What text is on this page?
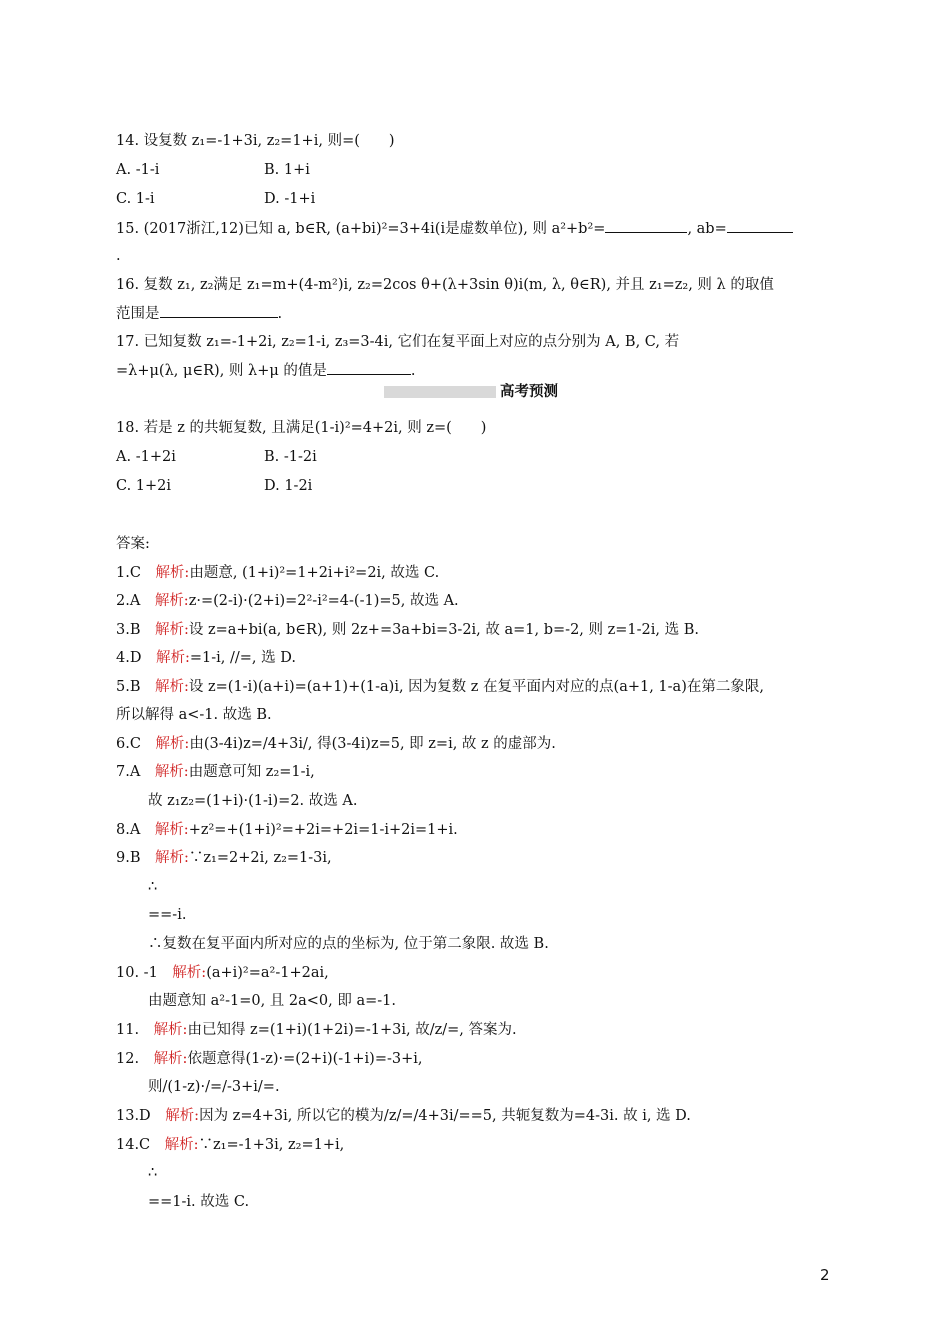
14. 设复数 z₁=-1+3i, z₂=1+i, 则=(　　)
A. -1-i	B. 1+i
C. 1-i	D. -1+i
15. (2017浙江,12)已知 a, b∈R, (a+bi)²=3+4i(i是虚数单位), 则 a²+b²=	, ab=
.
16. 复数 z₁, z₂满足 z₁=m+(4-m²)i, z₂=2cos θ+(λ+3sin θ)i(m, λ, θ∈R), 并且 z₁=z₂, 则 λ 的取值
范围是	.
17. 已知复数 z₁=-1+2i, z₂=1-i, z₃=3-4i, 它们在复平面上对应的点分别为 A, B, C, 若
=λ+μ(λ, μ∈R), 则 λ+μ 的值是	.
高考预测
18. 若是 z 的共轭复数, 且满足(1-i)²=4+2i, 则 z=(　　)
A. -1+2i	B. -1-2i
C. 1+2i	D. 1-2i
答案:
1.C　 解析:由题意, (1+i)²=1+2i+i²=2i, 故选 C.
2.A　 解析:z·=(2-i)·(2+i)=2²-i²=4-(-1)=5, 故选 A.
3.B　 解析:设 z=a+bi(a, b∈R), 则 2z+=3a+bi=3-2i, 故 a=1, b=-2, 则 z=1-2i, 选 B.
4.D　 解析:=1-i, //=, 选 D.
5.B　 解析:设 z=(1-i)(a+i)=(a+1)+(1-a)i, 因为复数 z 在复平面内对应的点(a+1, 1-a)在第二象限,
所以解得 a<-1. 故选 B.
6.C　 解析:由(3-4i)z=/4+3i/, 得(3-4i)z=5, 即 z=i, 故 z 的虚部为.
7.A　 解析:由题意可知 z₂=1-i,
故 z₁z₂=(1+i)·(1-i)=2. 故选 A.
8.A　 解析:+z²=+(1+i)²=+2i=+2i=1-i+2i=1+i.
9.B　 解析:∵z₁=2+2i, z₂=1-3i,
∴
==-i.
∴复数在复平面内所对应的点的坐标为, 位于第二象限. 故选 B.
10. -1　 解析:(a+i)²=a²-1+2ai,
由题意知 a²-1=0, 且 2a<0, 即 a=-1.
11.　 解析:由已知得 z=(1+i)(1+2i)=-1+3i, 故/z/=, 答案为.
12.　 解析:依题意得(1-z)·=(2+i)(-1+i)=-3+i,
则/(1-z)·/=/-3+i/=.
13.D　 解析:因为 z=4+3i, 所以它的模为/z/=/4+3i/==5, 共轭复数为=4-3i. 故 i, 选 D.
14.C　 解析:∵z₁=-1+3i, z₂=1+i,
∴
==1-i. 故选 C.
2
